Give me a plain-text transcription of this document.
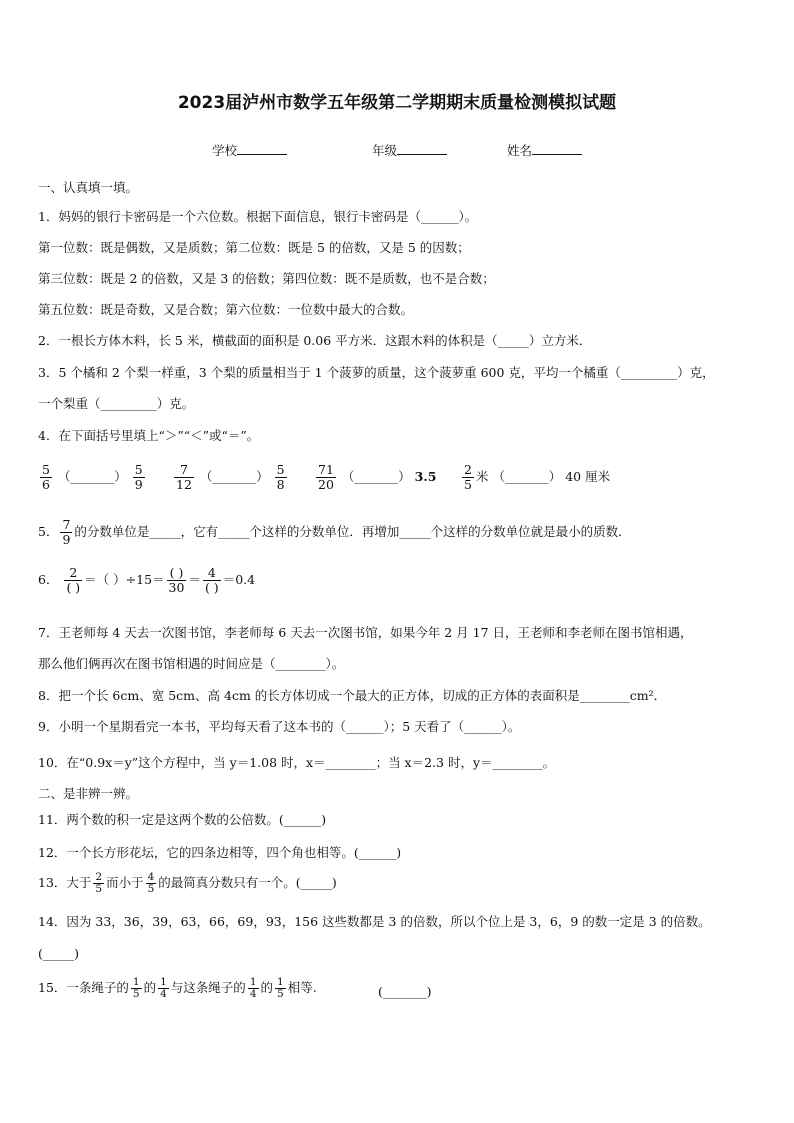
2023届泸州市数学五年级第二学期期末质量检测模拟试题
学校	年级	姓名
一、认真填一填。
1．妈妈的银行卡密码是一个六位数。根据下面信息，银行卡密码是（______）。
第一位数：既是偶数，又是质数；第二位数：既是 5 的倍数，又是 5 的因数；
第三位数：既是 2 的倍数，又是 3 的倍数；第四位数：既不是质数，也不是合数；
第五位数：既是奇数，又是合数；第六位数：一位数中最大的合数。
2．一根长方体木料，长 5 米，横截面的面积是 0.06 平方米．这跟木料的体积是（_____）立方米．
3．5 个橘和 2 个梨一样重，3 个梨的质量相当于 1 个菠萝的质量，这个菠萝重 600 克，平均一个橘重（_________）克，
一个梨重（_________）克。
4．在下面括号里填上“＞”“＜”或“＝”。
$\frac{5}{6}$ （_______） $\frac{5}{9} \frac{7}{12}$ （_______） $\frac{5}{8} \frac{71}{20}$ （_______） $3.5 \frac{2}{5}$ 米 （_______） 40 厘米
5． $\frac{7}{9}$ 的分数单位是_____，它有_____个这样的分数单位．再增加_____个这样的分数单位就是最小的质数．
6． $\frac{2}{( )}$ ＝（ ）$\div 15= \frac{( )}{30} = \frac{4}{( )} =0.4$
7．王老师每 4 天去一次图书馆，李老师每 6 天去一次图书馆，如果今年 2 月 17 日，王老师和李老师在图书馆相遇，
那么他们俩再次在图书馆相遇的时间应是（________）。
8．把一个长 6cm、宽 5cm、高 4cm 的长方体切成一个最大的正方体，切成的正方体的表面积是________cm²．
9．小明一个星期看完一本书，平均每天看了这本书的（______）；5 天看了（______）。
10．在“0.9x＝y”这个方程中，当 y＝1.08 时，x＝________；当 x＝2.3 时，y＝________。
二、是非辨一辨。
11．两个数的积一定是这两个数的公倍数。(______)
12．一个长方形花坛，它的四条边相等，四个角也相等。(______)
13．大于 $\frac{2}{5}$ 而小于 $\frac{4}{5}$ 的最简真分数只有一个。(_____)
14．因为 33，36，39，63，66，69，93，156 这些数都是 3 的倍数，所以个位上是 3，6，9 的数一定是 3 的倍数。
(_____)
15．一条绳子的 $\frac{1}{5}$ 的 $\frac{1}{4}$ 与这条绳子的 $\frac{1}{4}$ 的 $\frac{1}{5}$ 相等.	(_______)
